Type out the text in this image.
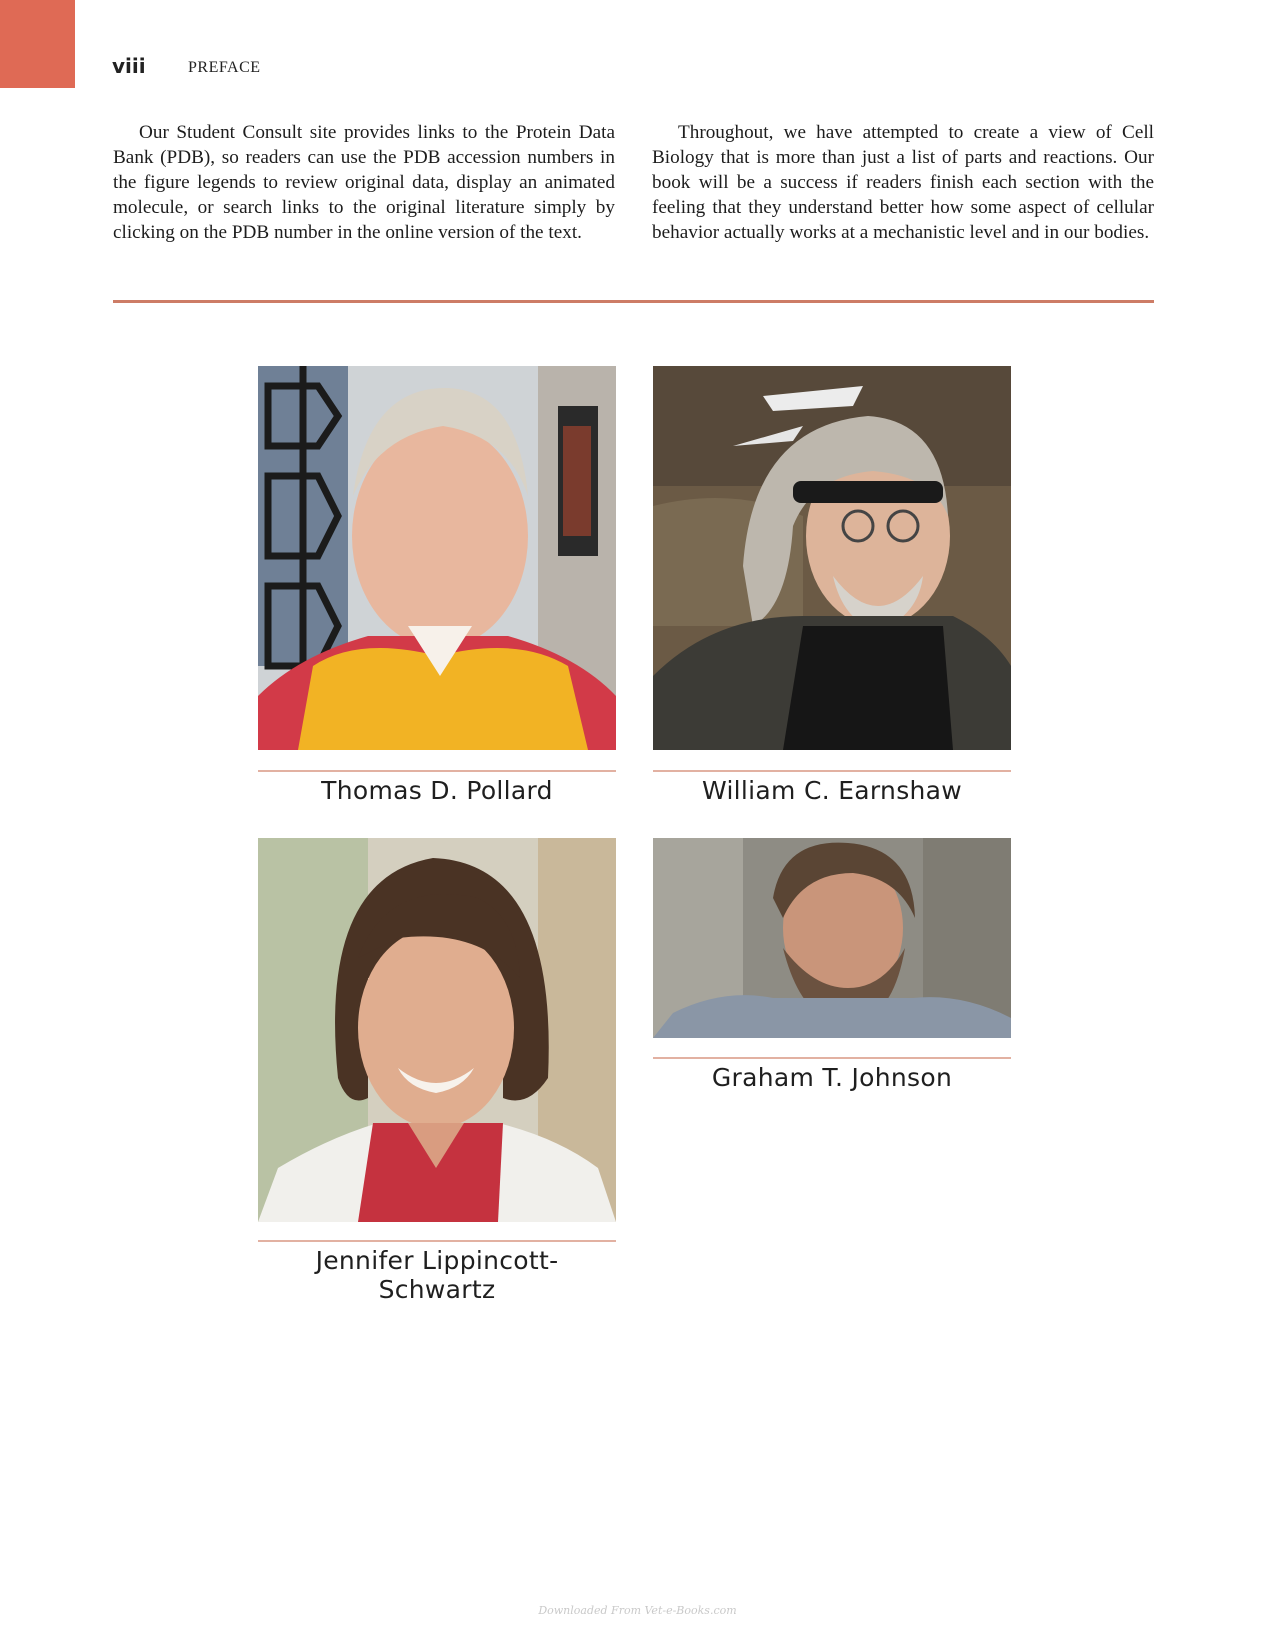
viii	PREFACE

Our Student Consult site provides links to the Protein Data Bank (PDB), so readers can use the PDB accession numbers in the figure legends to review original data, display an animated molecule, or search links to the original literature simply by clicking on the PDB number in the online version of the text.

Throughout, we have attempted to create a view of Cell Biology that is more than just a list of parts and reactions. Our book will be a success if readers finish each section with the feeling that they understand better how some aspect of cellular behavior actually works at a mechanistic level and in our bodies.

Thomas D. Pollard	William C. Earnshaw
Jennifer Lippincott-Schwartz
Graham T. Johnson
Downloaded From Vet-e-Books.com
